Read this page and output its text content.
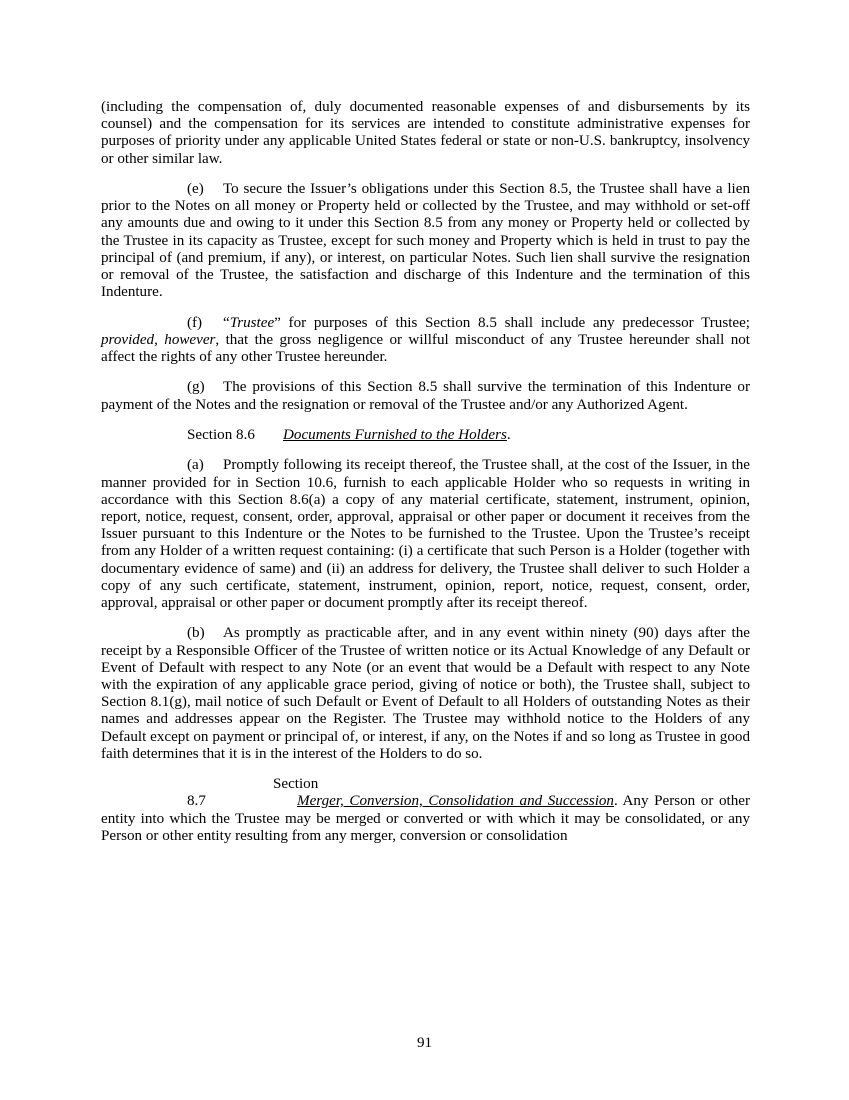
(including the compensation of, duly documented reasonable expenses of and disbursements by its counsel) and the compensation for its services are intended to constitute administrative expenses for purposes of priority under any applicable United States federal or state or non-U.S. bankruptcy, insolvency or other similar law.

(e) To secure the Issuer’s obligations under this Section 8.5, the Trustee shall have a lien prior to the Notes on all money or Property held or collected by the Trustee, and may withhold or set-off any amounts due and owing to it under this Section 8.5 from any money or Property held or collected by the Trustee in its capacity as Trustee, except for such money and Property which is held in trust to pay the principal of (and premium, if any), or interest, on particular Notes. Such lien shall survive the resignation or removal of the Trustee, the satisfaction and discharge of this Indenture and the termination of this Indenture.

(f) “Trustee” for purposes of this Section 8.5 shall include any predecessor Trustee; provided, however, that the gross negligence or willful misconduct of any Trustee hereunder shall not affect the rights of any other Trustee hereunder.

(g) The provisions of this Section 8.5 shall survive the termination of this Indenture or payment of the Notes and the resignation or removal of the Trustee and/or any Authorized Agent.

Section 8.6 Documents Furnished to the Holders.

(a) Promptly following its receipt thereof, the Trustee shall, at the cost of the Issuer, in the manner provided for in Section 10.6, furnish to each applicable Holder who so requests in writing in accordance with this Section 8.6(a) a copy of any material certificate, statement, instrument, opinion, report, notice, request, consent, order, approval, appraisal or other paper or document it receives from the Issuer pursuant to this Indenture or the Notes to be furnished to the Trustee. Upon the Trustee’s receipt from any Holder of a written request containing: (i) a certificate that such Person is a Holder (together with documentary evidence of same) and (ii) an address for delivery, the Trustee shall deliver to such Holder a copy of any such certificate, statement, instrument, opinion, report, notice, request, consent, order, approval, appraisal or other paper or document promptly after its receipt thereof.

(b) As promptly as practicable after, and in any event within ninety (90) days after the receipt by a Responsible Officer of the Trustee of written notice or its Actual Knowledge of any Default or Event of Default with respect to any Note (or an event that would be a Default with respect to any Note with the expiration of any applicable grace period, giving of notice or both), the Trustee shall, subject to Section 8.1(g), mail notice of such Default or Event of Default to all Holders of outstanding Notes as their names and addresses appear on the Register. The Trustee may withhold notice to the Holders of any Default except on payment or principal of, or interest, if any, on the Notes if and so long as Trustee in good faith determines that it is in the interest of the Holders to do so.

Section 8.7	Merger, Conversion, Consolidation and Succession. Any Person or other entity into which the Trustee may be merged or converted or with which it may be consolidated, or any Person or other entity resulting from any merger, conversion or consolidation

91
